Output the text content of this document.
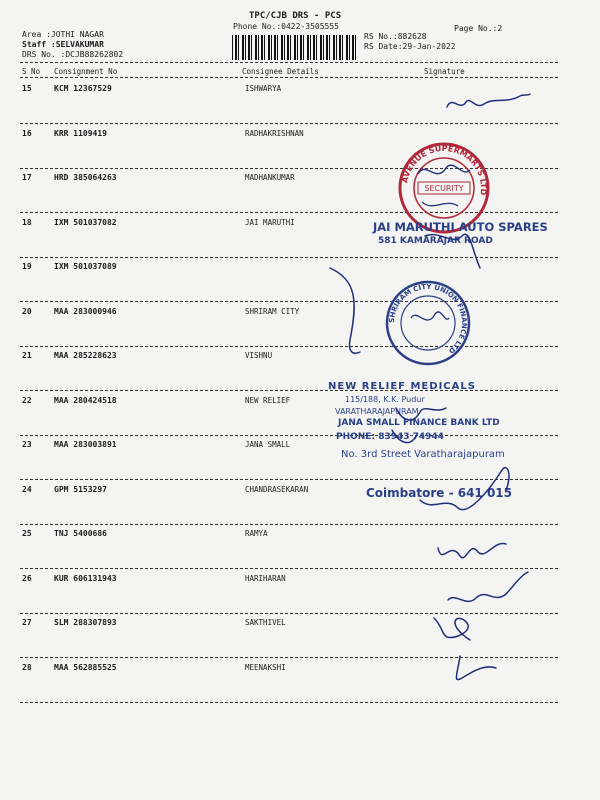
TPC/CJB DRS - PCS
Phone No.:0422-3505555	Page No.:2
Area :JOTHI NAGAR
Staff :SELVAKUMAR
DRS No. :DCJB88262802
RS No.:882628
RS Date:29-Jan-2022
S No Consignment No	Consignee Details	Signature
15	KCM 12367529	ISHWARYA
16	KRR 1109419	RADHAKRISHNAN
17	HRD 385064263	MADHANKUMAR
18	IXM 501037082	JAI MARUTHI
19	IXM 501037089
20	MAA 283000946	SHRIRAM CITY
21	MAA 285228623	VISHNU
22	MAA 280424518	NEW RELIEF
23	MAA 283003891	JANA SMALL
24	GPM 5153297	CHANDRASEKARAN
25	TNJ 5400686	RAMYA
26	KUR 606131943	HARIHARAN
27	SLM 288307893	SAKTHIVEL
28	MAA 562885525	MEENAKSHI
AVENUE SUPERMARTS LTD
SECURITY
JAI MARUTHI AUTO SPARES
581 KAMARAJAR ROAD
SHRIRAM CITY UNION FINANCE LTD
NEW RELIEF MEDICALS
115/188, K.K. Pudur
VARATHARAJAPURAM
JANA SMALL FINANCE BANK LTD
PHONE: 83943 74944
No. 3rd Street Varatharajapuram
Coimbatore - 641 015
